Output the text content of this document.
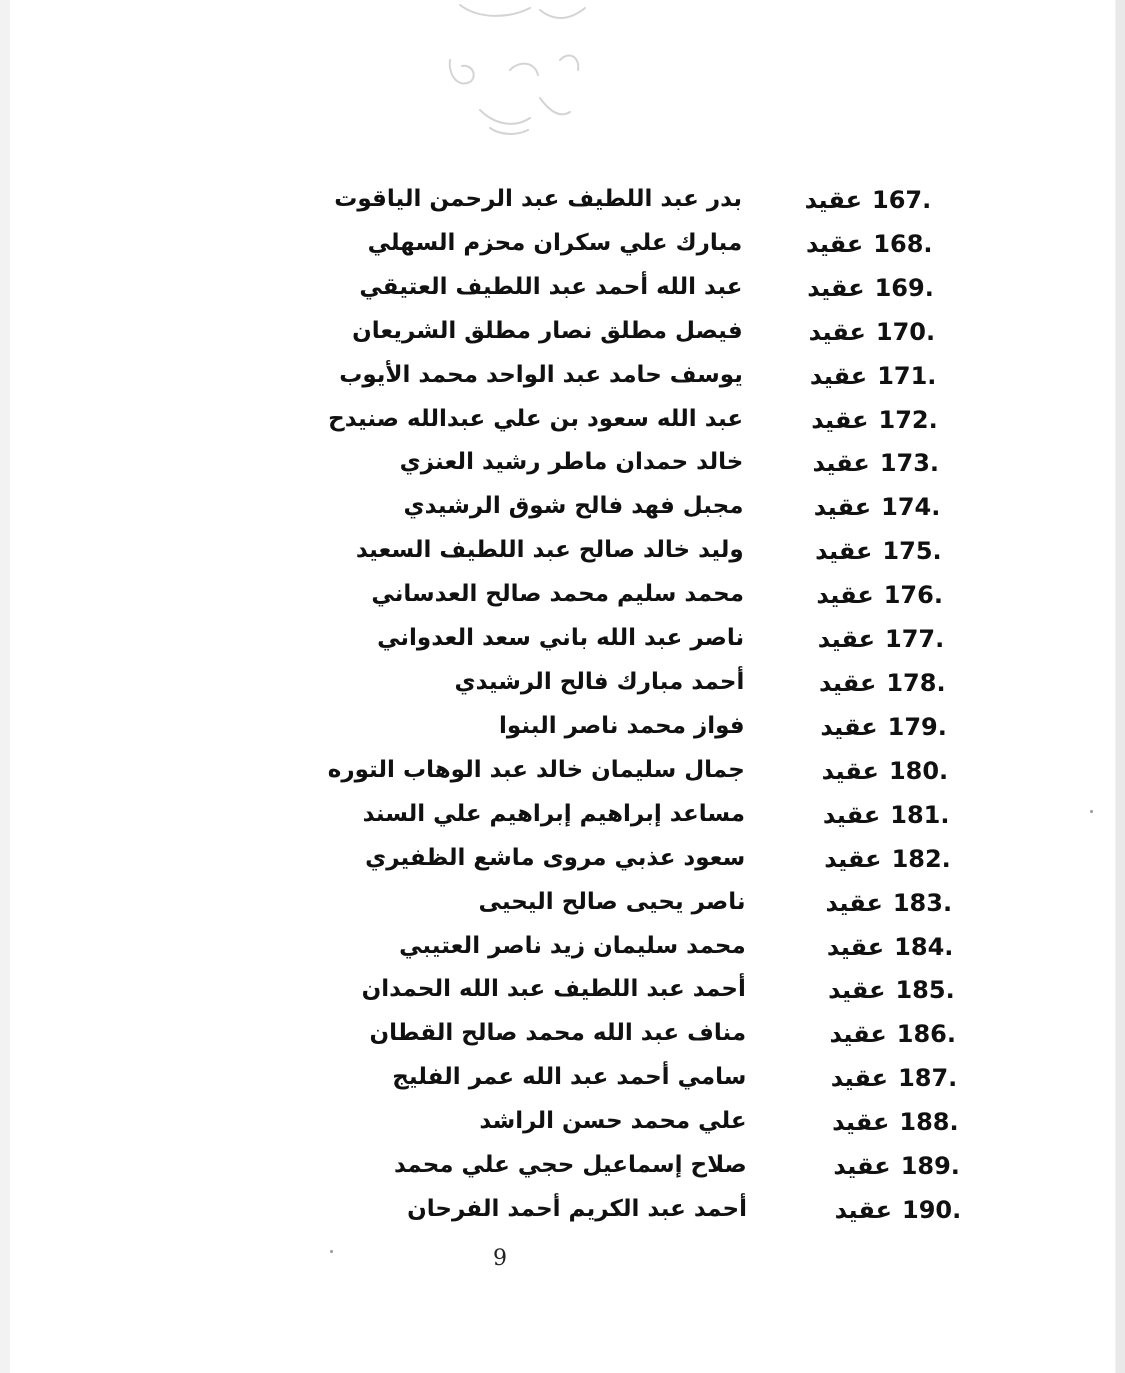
167.
عقيد
بدر عبد اللطيف عبد الرحمن الياقوت
168.
عقيد
مبارك علي سكران محزم السهلي
169.
عقيد
عبد الله أحمد عبد اللطيف العتيقي
170.
عقيد
فيصل مطلق نصار مطلق الشريعان
171.
عقيد
يوسف حامد عبد الواحد محمد الأيوب
172.
عقيد
عبد الله سعود بن علي عبدالله صنيدح
173.
عقيد
خالد حمدان ماطر رشيد العنزي
174.
عقيد
مجبل فهد فالح شوق الرشيدي
175.
عقيد
وليد خالد صالح عبد اللطيف السعيد
176.
عقيد
محمد سليم محمد صالح العدساني
177.
عقيد
ناصر عبد الله باني سعد العدواني
178.
عقيد
أحمد مبارك فالح الرشيدي
179.
عقيد
فواز محمد ناصر البنوا
180.
عقيد
جمال سليمان خالد عبد الوهاب التوره
181.
عقيد
مساعد إبراهيم إبراهيم علي السند
182.
عقيد
سعود عذبي مروى ماشع الظفيري
183.
عقيد
ناصر يحيى صالح اليحيى
184.
عقيد
محمد سليمان زيد ناصر العتيبي
185.
عقيد
أحمد عبد اللطيف عبد الله الحمدان
186.
عقيد
مناف عبد الله محمد صالح القطان
187.
عقيد
سامي أحمد عبد الله عمر الفليج
188.
عقيد
علي محمد حسن الراشد
189.
عقيد
صلاح إسماعيل حجي علي محمد
190.
عقيد
أحمد عبد الكريم أحمد الفرحان
9
